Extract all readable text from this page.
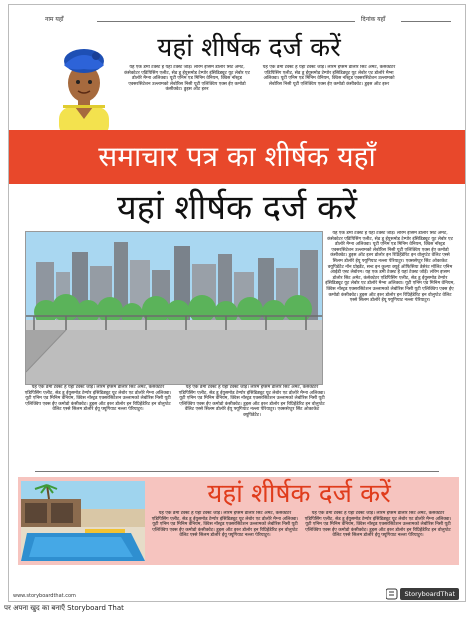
नाम यहाँ	दिनांक यहाँ
यहां शीर्षक दर्ज करें
यह एक डमी टेक्स्ट है यहां टेक्स्ट जोड़ें। लोरेम इप्सम डोलोर सिट अमेट, कंसेक्टेटर एडिपिसिंग एलीट, सेड डू ईयुसमोड टेम्पोर इंसिडिड्यूट यूट लेबोर एट डोलोरे मैग्ना अलिक्वा। यूटी एनिम एड मिनिम वेनियम, क्विस नॉस्ट्रड एक्सरसिटेशन उल्लामको लेबोरिस निसी यूटी एलिक्विप एक्स ईए कमोडो कंसीक्वेट। डुइस ऑट इरुर
यह एक डमी टेक्स्ट है यहां टेक्स्ट जोड़ें। लोरेम इप्सम डोलोर सिट अमेट, कंसेक्टेटर एडिपिसिंग एलीट, सेड डू ईयुसमोड टेम्पोर इंसिडिड्यूट यूट लेबोर एट डोलोरे मैग्ना अलिक्वा। यूटी एनिम एड मिनिम वेनियम, क्विस नॉस्ट्रड एक्सरसिटेशन उल्लामको लेबोरिस निसी यूटी एलिक्विप एक्स ईए कमोडो कंसीक्वेट। डुइस ऑट इरुर
समाचार पत्र का शीर्षक यहाँ
यहां शीर्षक दर्ज करें
यह एक डमी टेक्स्ट है यहां टेक्स्ट जोड़ें। लोरेम इप्सम डोलोर सिट अमेट, कंसेक्टेटर एडिपिसिंग एलीट, सेड डू ईयुसमोड टेम्पोर इंसिडिड्यूट यूट लेबोर एट डोलोरे मैग्ना अलिक्वा। यूटी एनिम एड मिनिम वेनियम, क्विस नॉस्ट्रड एक्सरसिटेशन उल्लामको लेबोरिस निसी यूटी एलिक्विप एक्स ईए कमोडो कंसीक्वेट। डुइस ऑट इरुर डोलोर इन रिप्रिहेंडेरिट इन वोलुप्टेट वेलिट एस्से सिलम डोलोरे ईयू फ्यूगियाट नल्ला पेरियाटुर। एक्ससेप्टुर सिंट ओकाकेट क्यूपिडेटैट नॉन प्रोइडेंट, सन्ट इन कुल्पा क्यूई ऑफिसिया डेसेरंट मॉलिट एनिम आईडी एस्ट लेबोरम। यह एक डमी टेक्स्ट है यहां टेक्स्ट जोड़ें। लोरेम इप्सम डोलोर सिट अमेट, कंसेक्टेटर एडिपिसिंग एलीट, सेड डू ईयुसमोड टेम्पोर इंसिडिड्यूट यूट लेबोर एट डोलोरे मैग्ना अलिक्वा। यूटी एनिम एड मिनिम वेनियम, क्विस नॉस्ट्रड एक्सरसिटेशन उल्लामको लेबोरिस निसी यूटी एलिक्विप एक्स ईए कमोडो कंसीक्वेट। डुइस ऑट इरुर डोलोर इन रिप्रिहेंडेरिट इन वोलुप्टेट वेलिट एस्से सिलम डोलोरे ईयू फ्यूगियाट नल्ला पेरियाटुर।
यह एक डमी टेक्स्ट है यहां टेक्स्ट जोड़ें। लोरेम इप्सम डोलोर सिट अमेट, कंसेक्टेटर एडिपिसिंग एलीट, सेड डू ईयुसमोड टेम्पोर इंसिडिड्यूट यूट लेबोर एट डोलोरे मैग्ना अलिक्वा। यूटी एनिम एड मिनिम वेनियम, क्विस नॉस्ट्रड एक्सरसिटेशन उल्लामको लेबोरिस निसी यूटी एलिक्विप एक्स ईए कमोडो कंसीक्वेट। डुइस ऑट इरुर डोलोर इन रिप्रिहेंडेरिट इन वोलुप्टेट वेलिट एस्से सिलम डोलोरे ईयू फ्यूगियाट नल्ला पेरियाटुर।
यह एक डमी टेक्स्ट है यहां टेक्स्ट जोड़ें। लोरेम इप्सम डोलोर सिट अमेट, कंसेक्टेटर एडिपिसिंग एलीट, सेड डू ईयुसमोड टेम्पोर इंसिडिड्यूट यूट लेबोर एट डोलोरे मैग्ना अलिक्वा। यूटी एनिम एड मिनिम वेनियम, क्विस नॉस्ट्रड एक्सरसिटेशन उल्लामको लेबोरिस निसी यूटी एलिक्विप एक्स ईए कमोडो कंसीक्वेट। डुइस ऑट इरुर डोलोर इन रिप्रिहेंडेरिट इन वोलुप्टेट वेलिट एस्से सिलम डोलोरे ईयू फ्यूगियाट नल्ला पेरियाटुर। एक्ससेप्टुर सिंट ओकाकेट क्यूपिडेटैट।
यहां शीर्षक दर्ज करें
यह एक डमी टेक्स्ट है यहां टेक्स्ट जोड़ें। लोरेम इप्सम डोलोर सिट अमेट, कंसेक्टेटर एडिपिसिंग एलीट, सेड डू ईयुसमोड टेम्पोर इंसिडिड्यूट यूट लेबोर एट डोलोरे मैग्ना अलिक्वा। यूटी एनिम एड मिनिम वेनियम, क्विस नॉस्ट्रड एक्सरसिटेशन उल्लामको लेबोरिस निसी यूटी एलिक्विप एक्स ईए कमोडो कंसीक्वेट। डुइस ऑट इरुर डोलोर इन रिप्रिहेंडेरिट इन वोलुप्टेट वेलिट एस्से सिलम डोलोरे ईयू फ्यूगियाट नल्ला पेरियाटुर।
यह एक डमी टेक्स्ट है यहां टेक्स्ट जोड़ें। लोरेम इप्सम डोलोर सिट अमेट, कंसेक्टेटर एडिपिसिंग एलीट, सेड डू ईयुसमोड टेम्पोर इंसिडिड्यूट यूट लेबोर एट डोलोरे मैग्ना अलिक्वा। यूटी एनिम एड मिनिम वेनियम, क्विस नॉस्ट्रड एक्सरसिटेशन उल्लामको लेबोरिस निसी यूटी एलिक्विप एक्स ईए कमोडो कंसीक्वेट। डुइस ऑट इरुर डोलोर इन रिप्रिहेंडेरिट इन वोलुप्टेट वेलिट एस्से सिलम डोलोरे ईयू फ्यूगियाट नल्ला पेरियाटुर।
www.storyboardthat.com	StoryboardThat
पर अपना खुद का बनाएँ Storyboard That
